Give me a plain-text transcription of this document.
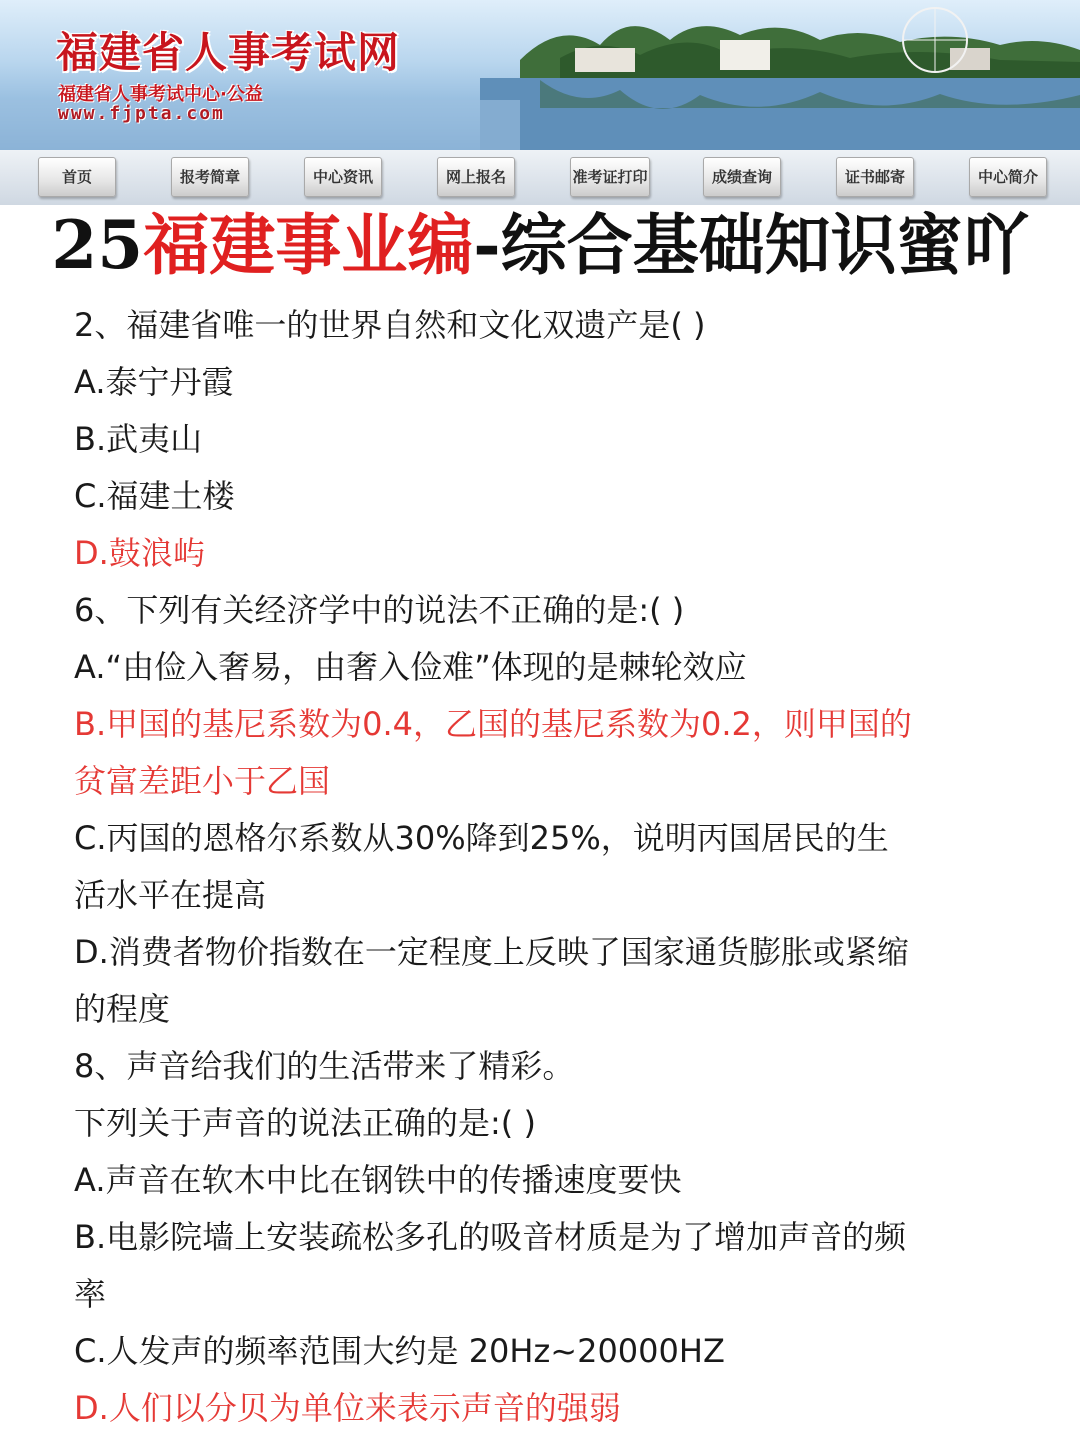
福建省人事考试网
福建省人事考试中心·公益
www.fjpta.com
首页	报考简章	中心资讯	网上报名	准考证打印	成绩查询	证书邮寄	中心简介
25福建事业编-综合基础知识蜜吖
2、福建省唯一的世界自然和文化双遗产是( )
A.泰宁丹霞
B.武夷山
C.福建土楼
D.鼓浪屿
6、下列有关经济学中的说法不正确的是:( )
A.“由俭入奢易，由奢入俭难”体现的是棘轮效应
B.甲国的基尼系数为0.4，乙国的基尼系数为0.2，则甲国的
贫富差距小于乙国
C.丙国的恩格尔系数从30%降到25%，说明丙国居民的生
活水平在提高
D.消费者物价指数在一定程度上反映了国家通货膨胀或紧缩
的程度
8、声音给我们的生活带来了精彩。
下列关于声音的说法正确的是:( )
A.声音在软木中比在钢铁中的传播速度要快
B.电影院墙上安装疏松多孔的吸音材质是为了增加声音的频
率
C.人发声的频率范围大约是 20Hz~20000HZ
D.人们以分贝为单位来表示声音的强弱
